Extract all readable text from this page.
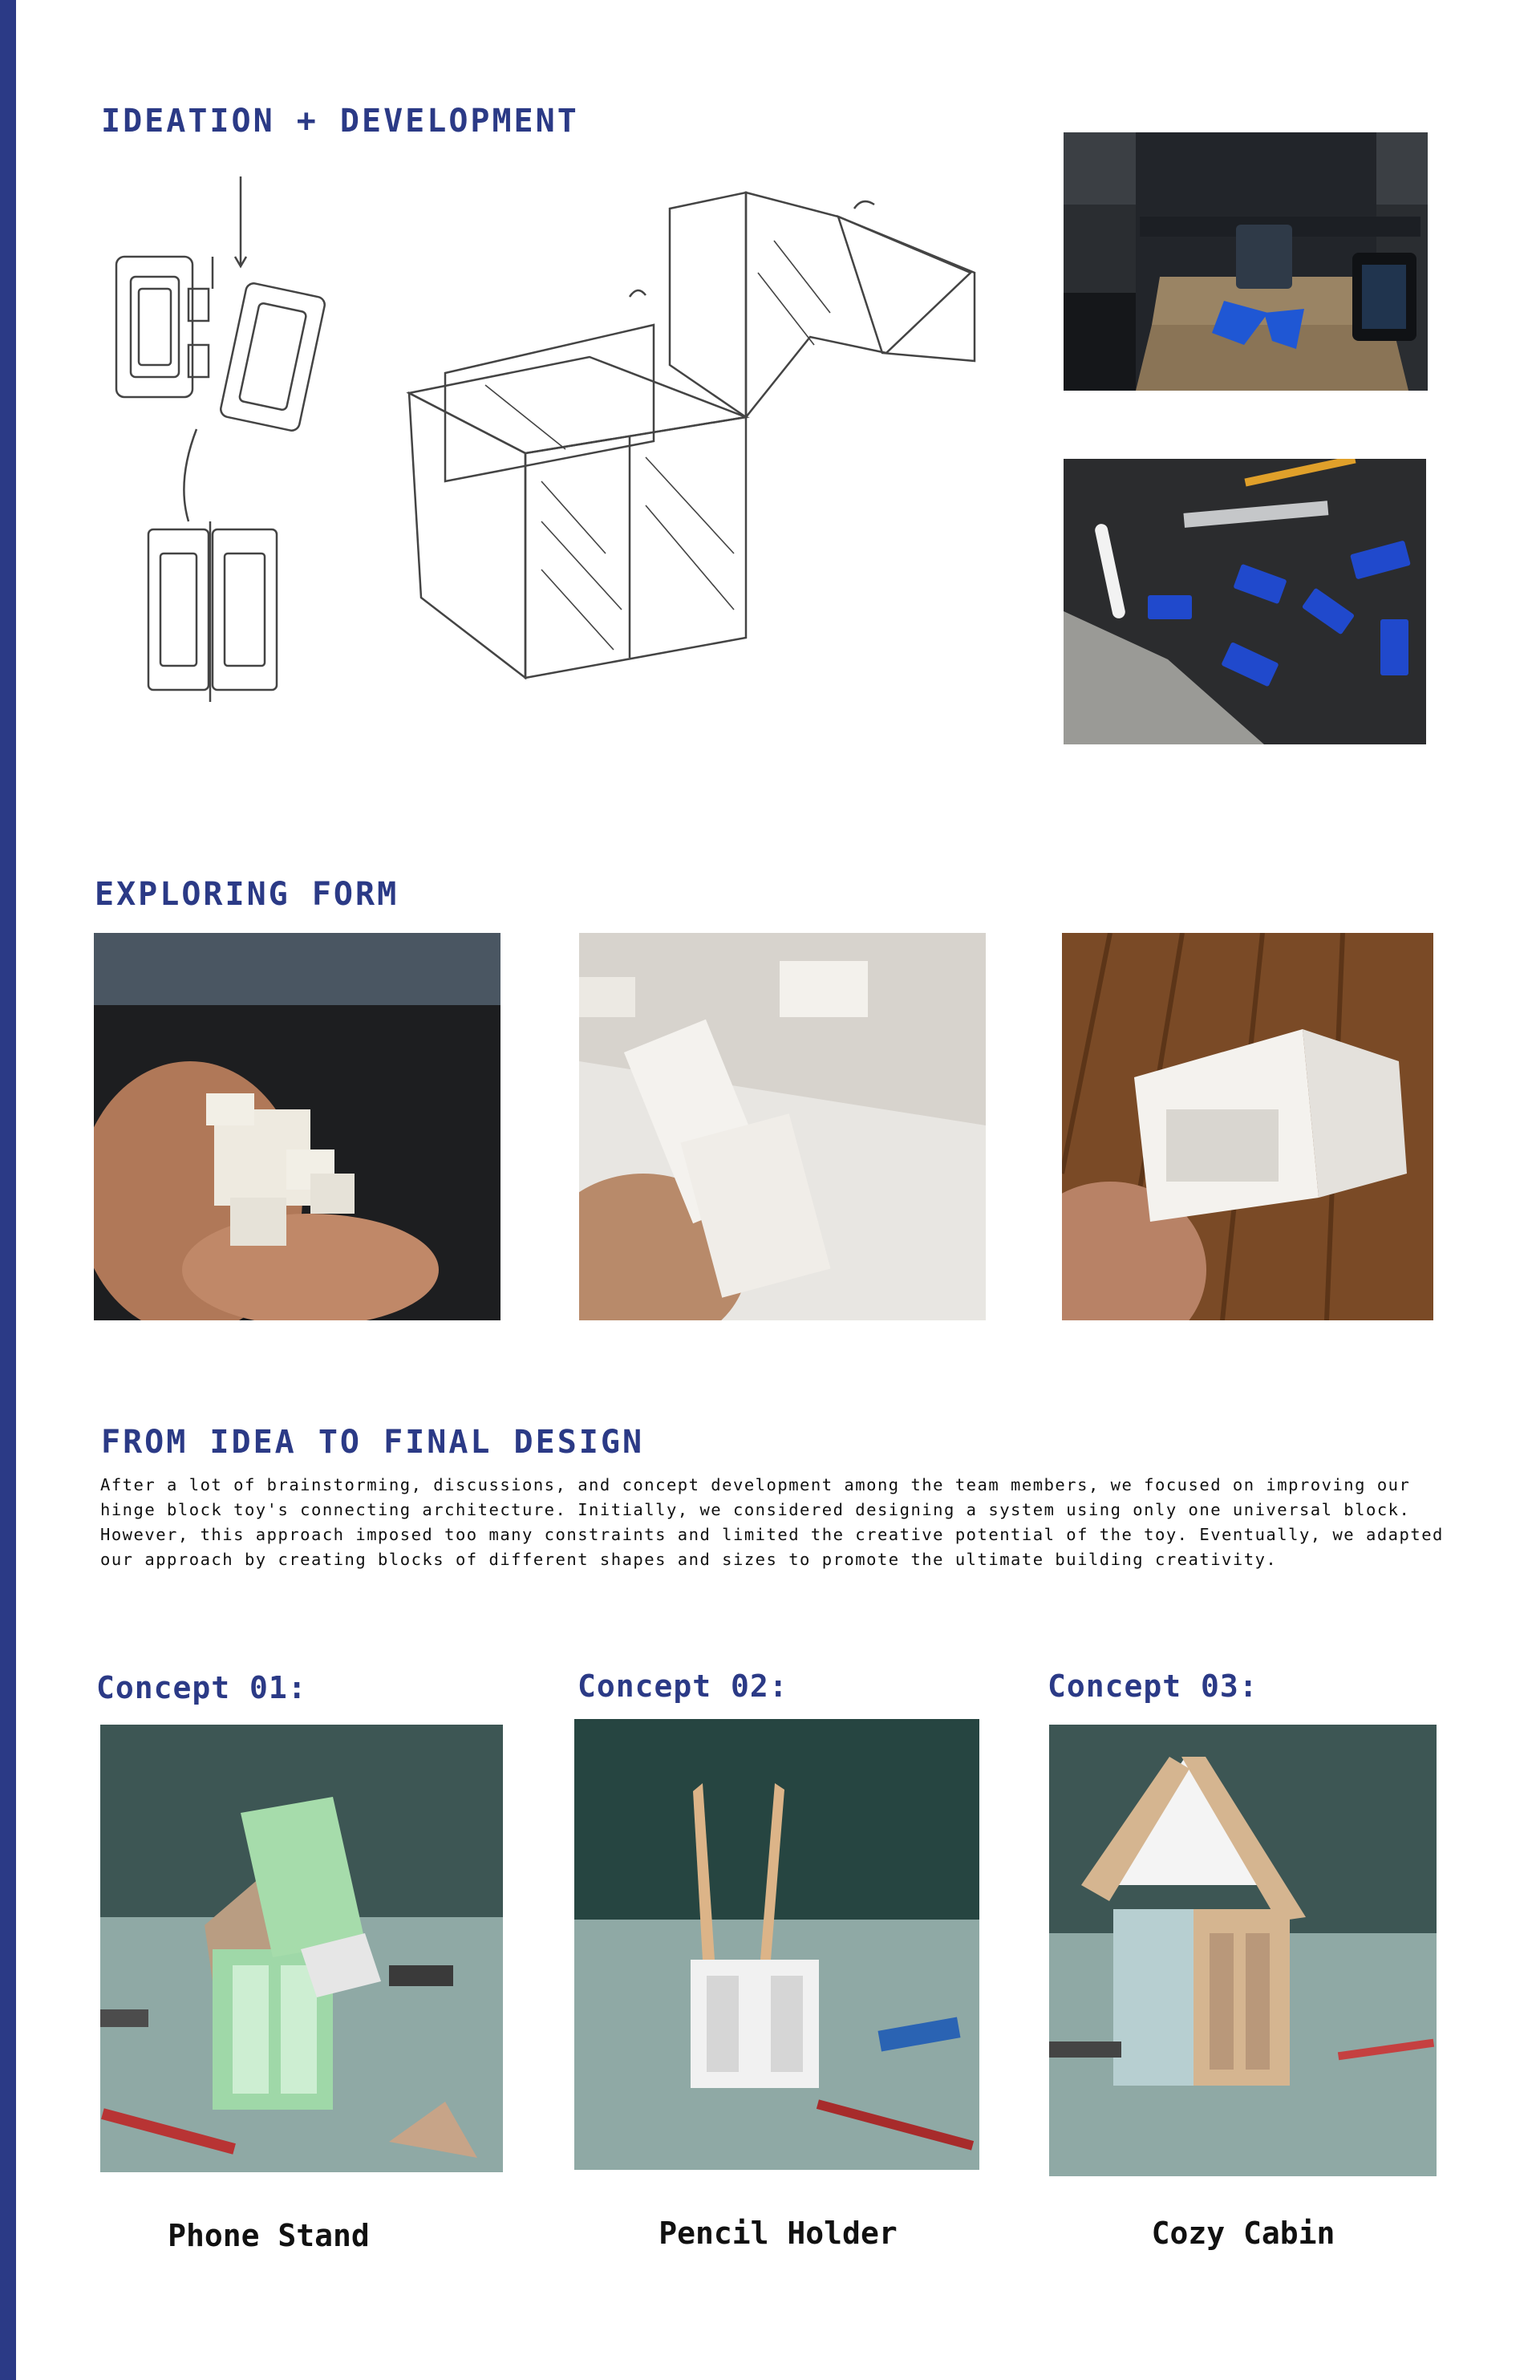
IDEATION + DEVELOPMENT
EXPLORING FORM
FROM IDEA TO FINAL DESIGN

After a lot of brainstorming, discussions, and concept development among the team members, we focused on improving our hinge block toy's connecting architecture. Initially, we considered designing a system using only one universal block. However, this approach imposed too many constraints and limited the creative potential of the toy. Eventually, we adapted our approach by creating blocks of different shapes and sizes to promote the ultimate building creativity.

Concept 01:	Concept 02:	Concept 03:

Phone Stand	Pencil Holder	Cozy Cabin
